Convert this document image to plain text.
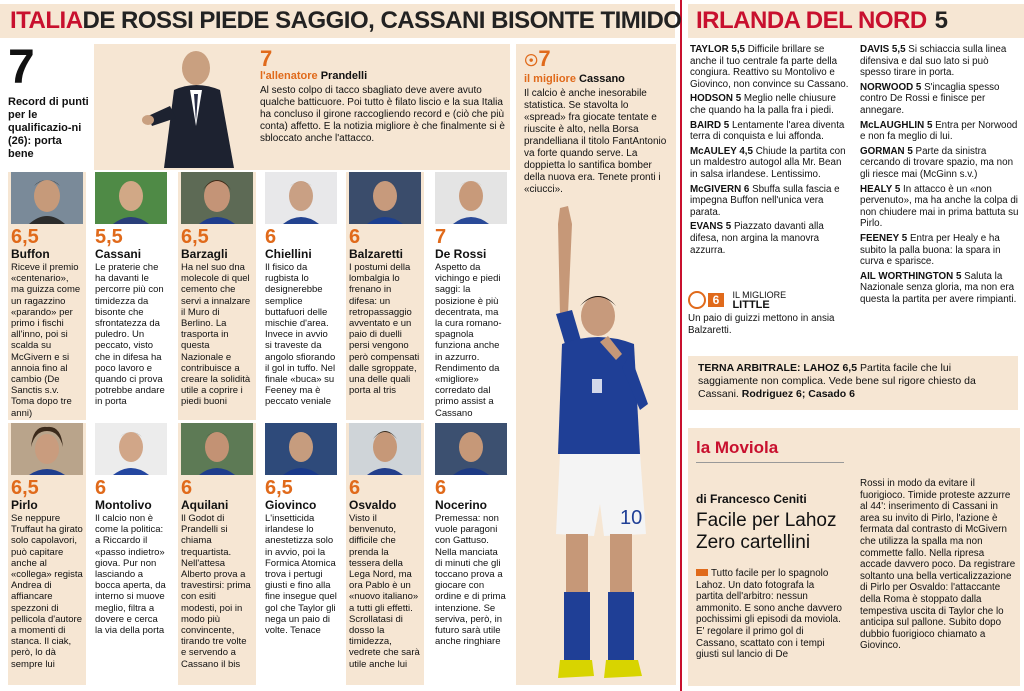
ITALIA DE ROSSI PIEDE SAGGIO, CASSANI BISONTE TIMIDO IRLANDA DEL NORD 5
7
Record di punti per le qualificazio-ni (26): porta bene
7
l'allenatore Prandelli
Al sesto colpo di tacco sbagliato deve avere avuto qualche batticuore. Poi tutto è filato liscio e la sua Italia ha concluso il girone raccogliendo record e (ciò che più conta) affetto. E la notizia migliore è che finalmente si è sbloccato anche l'attacco.
6,5
Buffon
Riceve il premio «centenario», ma guizza come un ragazzino «parando» per primo i fischi all'inno, poi si scalda su McGivern e si annoia fino al cambio (De Sanctis s.v. Toma dopo tre anni)
5,5
Cassani
Le praterie che ha davanti le percorre più con timidezza da bisonte che sfrontatezza da puledro. Un peccato, visto che in difesa ha poco lavoro e quando ci prova potrebbe andare in porta
6,5
Barzagli
Ha nel suo dna molecole di quel cemento che servi a innalzare il Muro di Berlino. La trasporta in questa Nazionale e contribuisce a creare la solidità utile a coprire i piedi buoni
6
Chiellini
Il fisico da rugbista lo designerebbe semplice buttafuori delle mischie d'area. Invece in avvio si traveste da angolo sfiorando il gol in tuffo. Nel finale «buca» su Feeney ma è peccato veniale
6
Balzaretti
I postumi della lombalgia lo frenano in difesa: un retropassaggio avventato e un paio di duelli persi vengono però compensati dalle sgroppate, una delle quali porta al tris
7
De Rossi
Aspetto da vichingo e piedi saggi: la posizione è più decentrata, ma la cura romano-spagnola funziona anche in azzurro. Rendimento da «migliore» corredato dal primo assist a Cassano
6,5
Pirlo
Se neppure Truffaut ha girato solo capolavori, può capitare anche al «collega» regista Andrea di affiancare spezzoni di pellicola d'autore a momenti di stanca. Il ciak, però, lo dà sempre lui
6
Montolivo
Il calcio non è come la politica: a Riccardo il «passo indietro» giova. Pur non lasciando a bocca aperta, da interno si muove meglio, filtra a dovere e cerca la via della porta
6
Aquilani
Il Godot di Prandelli si chiama trequartista. Nell'attesa Alberto prova a travestirsi: prima con esiti modesti, poi in modo più convincente, tirando tre volte e servendo a Cassano il bis
6,5
Giovinco
L'insetticida irlandese lo anestetizza solo in avvio, poi la Formica Atomica trova i pertugi giusti e fino alla fine insegue quel gol che Taylor gli nega un paio di volte. Tenace
6
Osvaldo
Visto il benvenuto, difficile che prenda la tessera della Lega Nord, ma ora Pablo è un «nuovo italiano» a tutti gli effetti. Scrollatasi di dosso la timidezza, vedrete che sarà utile anche lui
6
Nocerino
Premessa: non vuole paragoni con Gattuso. Nella manciata di minuti che gli toccano prova a giocare con ordine e di prima intenzione. Se serviva, però, in futuro sarà utile anche ringhiare
☉7
il migliore Cassano
Il calcio è anche inesorabile statistica. Se stavolta lo «spread» fra giocate tentate e riuscite è alto, nella Borsa prandelliana il titolo FantAntonio va forte quando serve. La doppietta lo santifica bomber della nuova era. Tenete pronti i «ciucci».
10

TAYLOR 5,5 Difficile brillare se anche il tuo centrale fa parte della congiura. Reattivo su Montolivo e Giovinco, non convince su Cassano.

HODSON 5 Meglio nelle chiusure che quando ha la palla fra i piedi.

BAIRD 5 Lentamente l'area diventa terra di conquista e lui affonda.

McAULEY 4,5 Chiude la partita con un maldestro autogol alla Mr. Bean in salsa irlandese. Lentissimo.

McGIVERN 6 Sbuffa sulla fascia e impegna Buffon nell'unica vera parata.

EVANS 5 Piazzato davanti alla difesa, non argina la manovra azzurra.

6 IL MIGLIORE
LITTLE
Un paio di guizzi mettono in ansia Balzaretti.

DAVIS 5,5 Si schiaccia sulla linea difensiva e dal suo lato si può spesso tirare in porta.

NORWOOD 5 S'incaglia spesso contro De Rossi e finisce per annegare.

McLAUGHLIN 5 Entra per Norwood e non fa meglio di lui.

GORMAN 5 Parte da sinistra cercando di trovare spazio, ma non gli riesce mai (McGinn s.v.)

HEALY 5 In attacco è un «non pervenuto», ma ha anche la colpa di non chiudere mai in prima battuta su Pirlo.

FEENEY 5 Entra per Healy e ha subito la palla buona: la spara in curva e sparisce.

AIL WORTHINGTON 5 Saluta la Nazionale senza gloria, ma non era questa la partita per avere rimpianti.

TERNA ARBITRALE: LAHOZ 6,5 Partita facile che lui saggiamente non complica. Vede bene sul rigore chiesto da Cassani. Rodriguez 6; Casado 6
la Moviola
di Francesco Ceniti
Facile per Lahoz Zero cartellini
Tutto facile per lo spagnolo Lahoz. Un dato fotografa la partita dell'arbitro: nessun ammonito. E sono anche davvero pochissimi gli episodi da moviola. E' regolare il primo gol di Cassano, scattato con i tempi giusti sul lancio di De
Rossi in modo da evitare il fuorigioco. Timide proteste azzurre al 44': inserimento di Cassani in area su invito di Pirlo, l'azione è fermata dal contrasto di McGivern che utilizza la spalla ma non commette fallo. Nella ripresa accade davvero poco. Da registrare soltanto una bella verticalizzazione di Pirlo per Osvaldo: l'attaccante della Roma è stoppato dalla tempestiva uscita di Taylor che lo anticipa sul pallone. Subito dopo dubbio fuorigioco chiamato a Giovinco.
